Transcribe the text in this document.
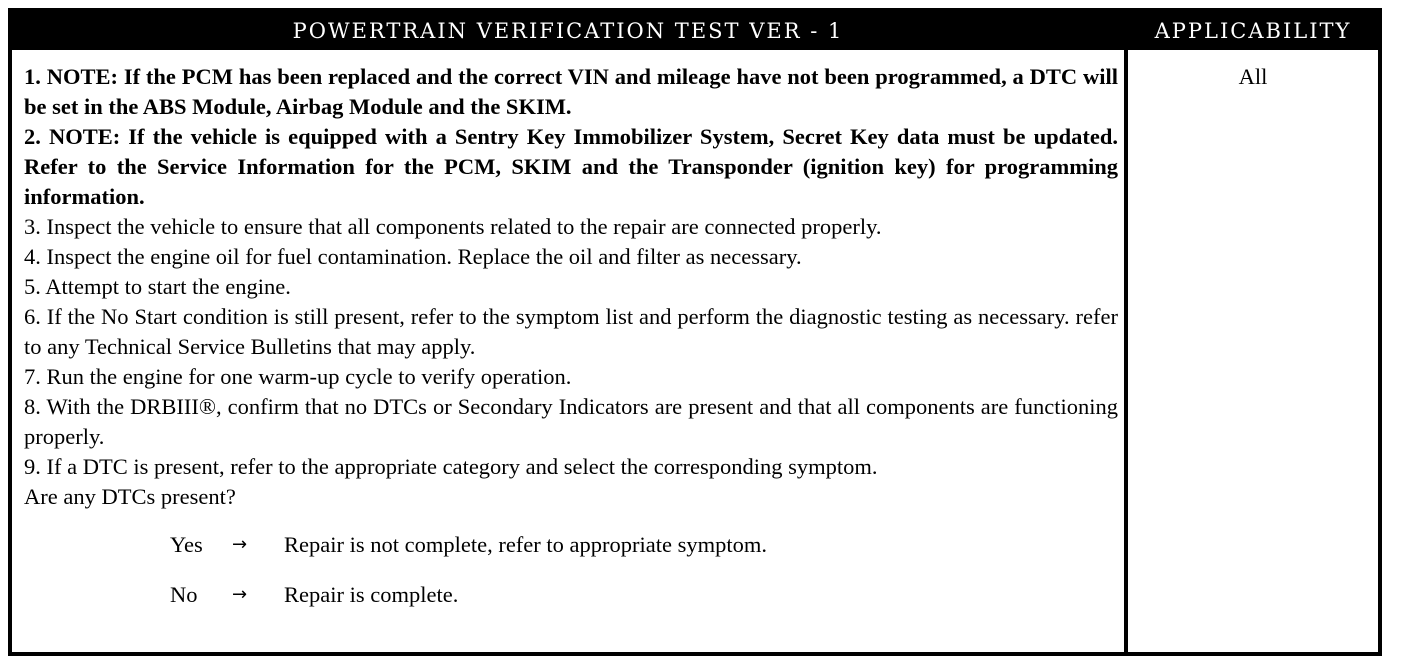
POWERTRAIN VERIFICATION TEST VER - 1	APPLICABILITY

1. NOTE: If the PCM has been replaced and the correct VIN and mileage have not been programmed, a DTC will be set in the ABS Module, Airbag Module and the SKIM.

2. NOTE: If the vehicle is equipped with a Sentry Key Immobilizer System, Secret Key data must be updated. Refer to the Service Information for the PCM, SKIM and the Transponder (ignition key) for programming information.

3. Inspect the vehicle to ensure that all components related to the repair are connected properly.

4. Inspect the engine oil for fuel contamination. Replace the oil and filter as necessary.

5. Attempt to start the engine.

6. If the No Start condition is still present, refer to the symptom list and perform the diagnostic testing as necessary. refer to any Technical Service Bulletins that may apply.

7. Run the engine for one warm-up cycle to verify operation.

8. With the DRBIII®, confirm that no DTCs or Secondary Indicators are present and that all components are functioning properly.

9. If a DTC is present, refer to the appropriate category and select the corresponding symptom.

Are any DTCs present?

Yes → Repair is not complete, refer to appropriate symptom.
No → Repair is complete.
All
